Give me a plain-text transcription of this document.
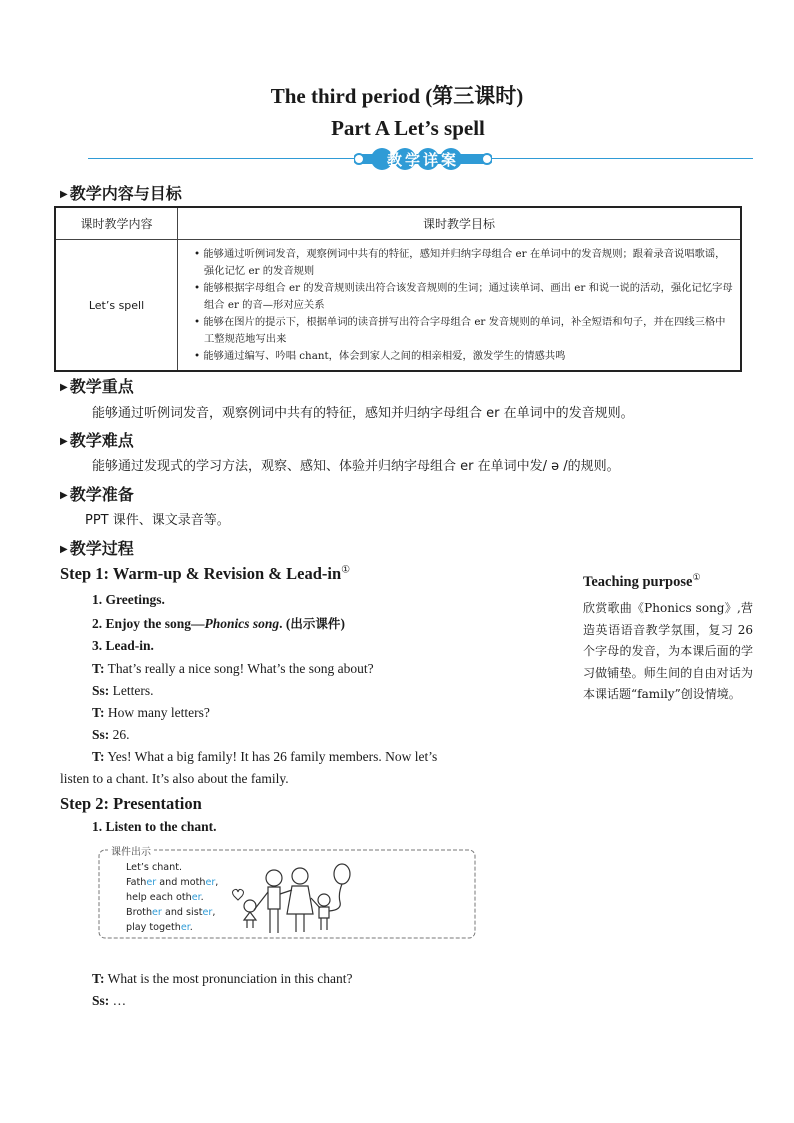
The third period (第三课时)
Part A Let’s spell
教学详案
▶ 教学内容与目标
课时教学内容	课时教学目标
Let’s spell	• 能够通过听例词发音，观察例词中共有的特征，感知并归纳字母组合 er 在单词中的发音规则；跟着录音说唱歌谣，强化记忆 er 的发音规则

• 能够根据字母组合 er 的发音规则读出符合该发音规则的生词；通过读单词、画出 er 和说一说的活动，强化记忆字母组合 er 的音—形对应关系

• 能够在图片的提示下，根据单词的读音拼写出符合字母组合 er 发音规则的单词，补全短语和句子，并在四线三格中工整规范地写出来

• 能够通过编写、吟唱 chant，体会到家人之间的相亲相爱，激发学生的情感共鸣

▶ 教学重点
能够通过听例词发音，观察例词中共有的特征，感知并归纳字母组合 er 在单词中的发音规则。
▶ 教学难点
能够通过发现式的学习方法，观察、感知、体验并归纳字母组合 er 在单词中发/ ə /的规则。
▶ 教学准备
PPT 课件、课文录音等。
▶ 教学过程
Step 1: Warm-up & Revision & Lead-in①
1. Greetings.
2. Enjoy the song—Phonics song. (出示课件)
3. Lead-in.
T: That’s really a nice song! What’s the song about?
Ss: Letters.
T: How many letters?
Ss: 26.
T: Yes! What a big family! It has 26 family members. Now let’s
listen to a chant. It’s also about the family.
Teaching purpose①
欣赏歌曲《Phonics song》,营造英语语音教学氛围，复习 26 个字母的发音，为本课后面的学习做铺垫。师生间的自由对话为本课话题“family”创设情境。
Step 2: Presentation
1. Listen to the chant.
课件出示
Let’s chant.
Father and mother,
help each other.
Brother and sister,
play together.
T: What is the most pronunciation in this chant?
Ss: …
